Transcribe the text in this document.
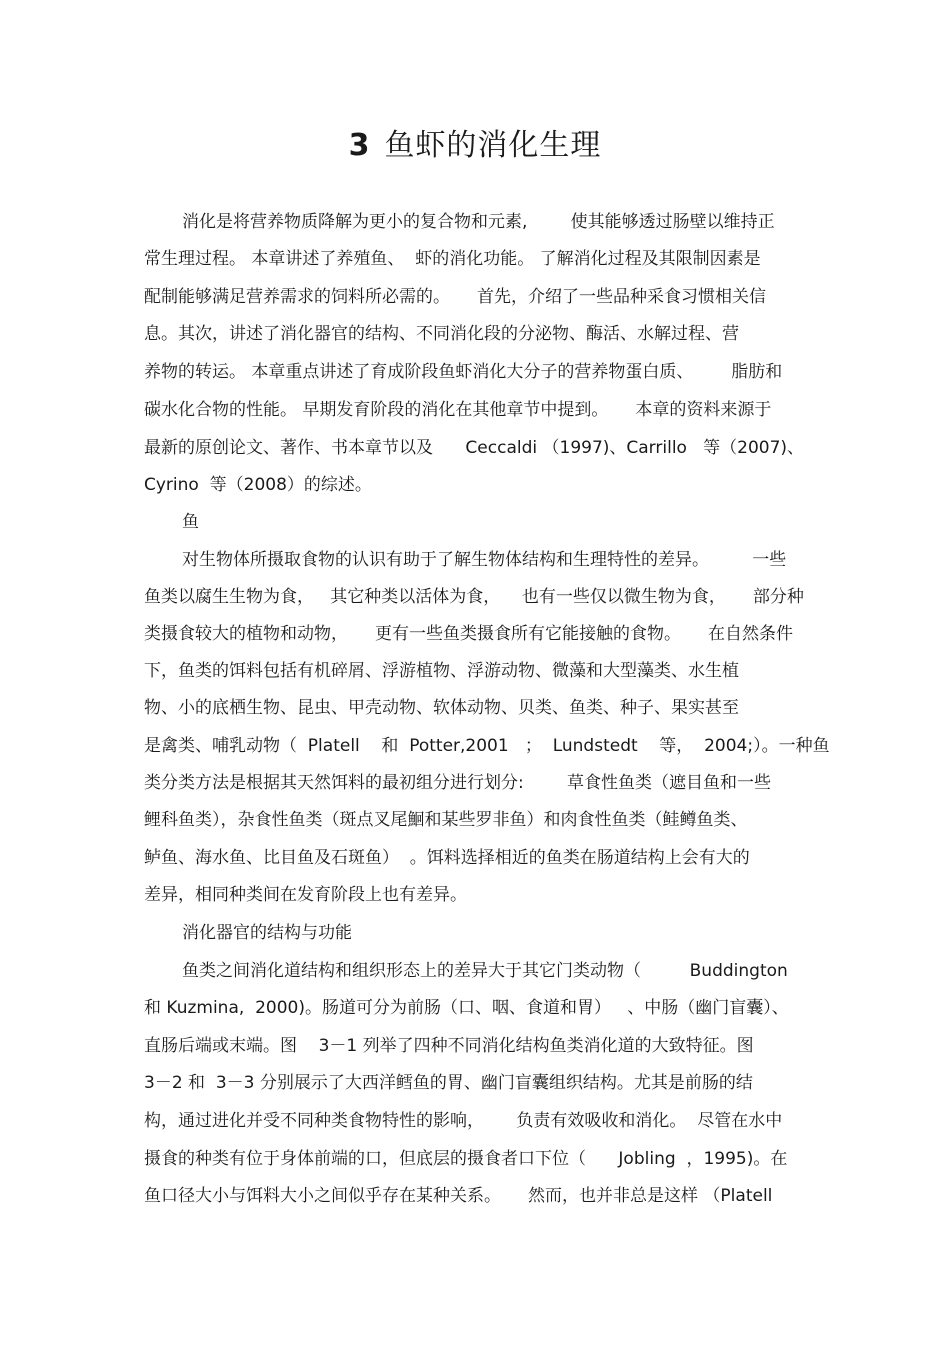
3 鱼虾的消化生理
消化是将营养物质降解为更小的复合物和元素,        使其能够透过肠壁以维持正
常生理过程。 本章讲述了养殖鱼、  虾的消化功能。 了解消化过程及其限制因素是
配制能够满足营养需求的饲料所必需的。     首先，介绍了一些品种采食习惯相关信
息。其次，讲述了消化器官的结构、不同消化段的分泌物、酶活、水解过程、营
养物的转运。 本章重点讲述了育成阶段鱼虾消化大分子的营养物蛋白质、       脂肪和
碳水化合物的性能。 早期发育阶段的消化在其他章节中提到。     本章的资料来源于
最新的原创论文、著作、书本章节以及      Ceccaldi （1997)、Carrillo   等（2007)、
Cyrino  等（2008）的综述。
鱼
对生物体所摄取食物的认识有助于了解生物体结构和生理特性的差异。        一些
鱼类以腐生生物为食，   其它种类以活体为食，    也有一些仅以微生物为食，     部分种
类摄食较大的植物和动物，     更有一些鱼类摄食所有它能接触的食物。     在自然条件
下，鱼类的饵料包括有机碎屑、浮游植物、浮游动物、微藻和大型藻类、水生植
物、小的底栖生物、昆虫、甲壳动物、软体动物、贝类、鱼类、种子、果实甚至
是禽类、哺乳动物（  Platell    和  Potter,2001   ；  Lundstedt    等，  2004;）。一种鱼
类分类方法是根据其天然饵料的最初组分进行划分:        草食性鱼类（遮目鱼和一些
鲤科鱼类），杂食性鱼类（斑点叉尾鮰和某些罗非鱼）和肉食性鱼类（鲑鳟鱼类、
鲈鱼、海水鱼、比目鱼及石斑鱼）  。饵料选择相近的鱼类在肠道结构上会有大的
差异，相同种类间在发育阶段上也有差异。
消化器官的结构与功能
鱼类之间消化道结构和组织形态上的差异大于其它门类动物（         Buddington
和 Kuzmina,  2000)。肠道可分为前肠（口、咽、食道和胃）   、中肠（幽门盲囊）、
直肠后端或末端。图    3－1 列举了四种不同消化结构鱼类消化道的大致特征。图
3－2 和  3－3 分别展示了大西洋鳕鱼的胃、幽门盲囊组织结构。尤其是前肠的结
构，通过进化并受不同种类食物特性的影响，      负责有效吸收和消化。  尽管在水中
摄食的种类有位于身体前端的口，但底层的摄食者口下位（      Jobling  ，1995)。在
鱼口径大小与饵料大小之间似乎存在某种关系。     然而，也并非总是这样 （Platell
